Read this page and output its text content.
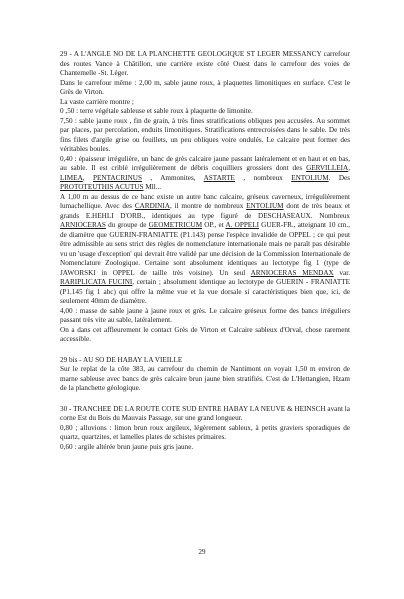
29 - A L'ANGLE NO DE LA PLANCHETTE GEOLOGIQUE ST LEGER MESSANCY carrefour des routes Vance à Châtillon, une carrière existe côté Ouest dans le carrefour des voies de Chantemelle -St. Léger.

Dans le carrefour même : 2,00 m, sable jaune roux, à plaquettes limonitiques en surface. C'est le Grès de Virton.

La vaste carrière montre ;

0 ,50 : terre végétale sableuse et sable roux à plaquette de limonite.

7,50 : sable jaune roux , fin de grain, à très fines stratifications obliques peu accusées. Au sommet par places, par percolation, enduits limonitiques. Stratifications entrecroisées dans le sable. De très fins filets d'argile grise ou feuillets, un peu obliques voire ondulés. Le calcaire peut former des véritables boules.

0,40 : épaisseur irrégulière, un banc de grès calcaire jaune passant latéralement et en haut et en bas, au sable. Il est criblé irrégulièrement de débris coquilliers grossiers dont des GERVILLEIA, LIMEA, PENTACRINUS , Ammonites, ASTARTE , nombreux ENTOLIUM. Des PROTOTEUTHIS ACUTUS Mll...

A 1,00 m au dessus de ce banc existe un autre banc calcaire, gréseux caverneux, irrégulièrement lumachellique. Avec des CARDINIA, il montre de nombreux ENTOLIUM dont de très beaux et grands E.HEHLI D'ORB., identiques au type figuré de DESCHASEAUX. Nombreux ARNIOCERAS du groupe de GEOMETRICUM OP., et A. OPPELI GUER-FR., atteignant 10 cm., de diamètre que GUERIN-FRANIATTE (P1.143) pense l'espèce invalidée de OPPEL ; ce qui peut être admissible au sens strict des règles de nomenclature internationale mais ne paraît pas désirable vu un 'usage d'exception' qui devrait être validé par une décision de la Commission Internationale de Nomenclature Zoologique. Certaine sont absolument identiques au lectotype fig 1 (type de JAWORSKI in OPPEL de taille très voisine). Un seul ARNIOCERAS MENDAX var. RARIPLICATA FUCINI, certain ; absolument identique au lectotype de GUERIN - FRANIATTE (P1.145 fig 1 abc) qui offre la même vue et la vue dorsale si caractéristiques bien que, ici, de seulement 40mm de diamètre.

4,00 : masse de sable jaune à jaune roux et grès. Le calcaire gréseux forme des bancs irréguliers passant très vite au sable, latéralement.

On a dans cet affleurement le contact Grès de Virton et Calcaire sableux d'Orval, chose rarement accessible.

29 bis - AU SO DE HABAY LA VIEILLE

Sur le replat de la côte 383, au carrefour du chemin de Nantimont on voyait 1,50 m environ de marne sableuse avec bancs de grès calcaire brun jaune bien stratifiés. C'est de L'Hettangien, Hzam de la planchette géologique.

30 - TRANCHEE DE LA ROUTE COTE SUD ENTRE HABAY LA NEUVE & HEINSCH avant la corne Est du Bois du Mauvais Passage, sur une grand longueur.

0,80 ; alluvions : limon brun roux argileux, légèrement sableux, à petits graviers sporadiques de quartz, quartzites, et lamelles plates de schistes primaires.

0,60 : argile altérée brun jaune puis gris jaune.

29
